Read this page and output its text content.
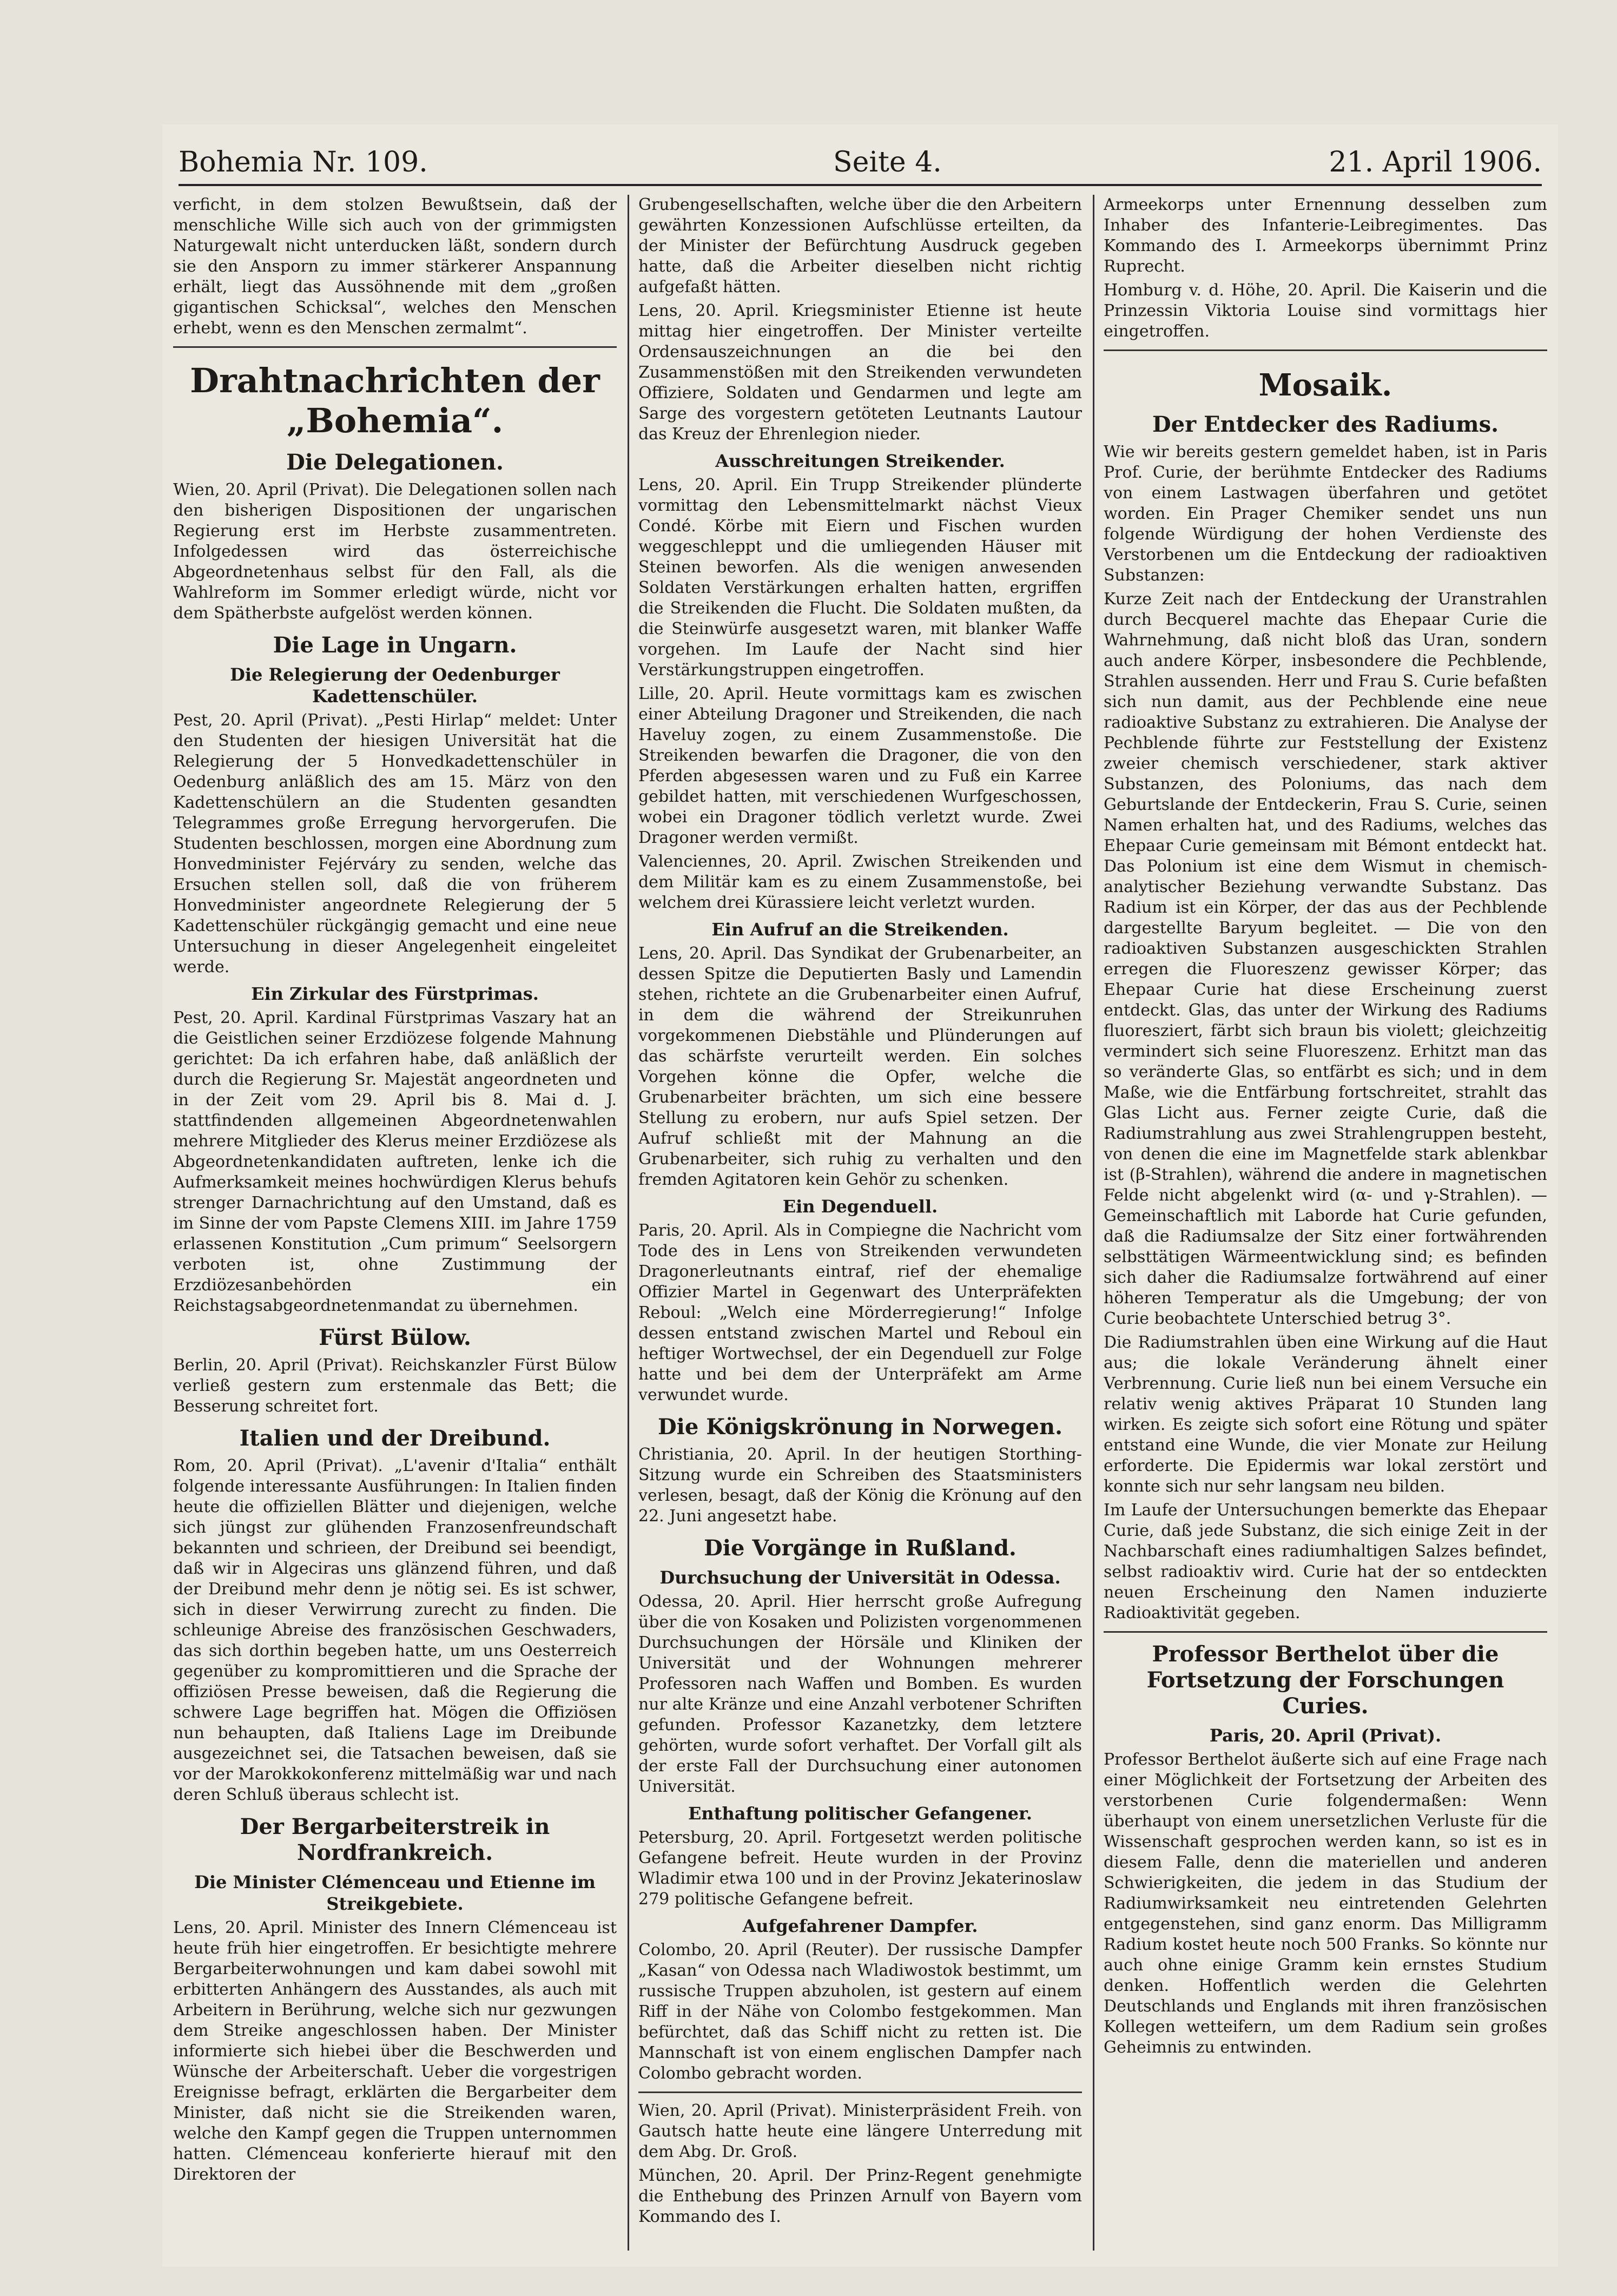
Bohemia Nr. 109.	Seite 4.	21. April 1906.

verficht, in dem stolzen Bewußtsein, daß der menschliche Wille sich auch von der grimmigsten Naturgewalt nicht unterducken läßt, sondern durch sie den Ansporn zu immer stärkerer Anspannung erhält, liegt das Aussöhnende mit dem „großen gigantischen Schicksal“, welches den Menschen erhebt, wenn es den Menschen zermalmt“.

Drahtnachrichten der „Bohemia“.
Die Delegationen.

Wien, 20. April (Privat). Die Delegationen sollen nach den bisherigen Dispositionen der ungarischen Regierung erst im Herbste zusammentreten. Infolgedessen wird das österreichische Abgeordnetenhaus selbst für den Fall, als die Wahlreform im Sommer erledigt würde, nicht vor dem Spätherbste aufgelöst werden können.

Die Lage in Ungarn.
Die Relegierung der Oedenburger Kadettenschüler.

Pest, 20. April (Privat). „Pesti Hirlap“ meldet: Unter den Studenten der hiesigen Universität hat die Relegierung der 5 Honvedkadettenschüler in Oedenburg anläßlich des am 15. März von den Kadettenschülern an die Studenten gesandten Telegrammes große Erregung hervorgerufen. Die Studenten beschlossen, morgen eine Abordnung zum Honvedminister Fejérváry zu senden, welche das Ersuchen stellen soll, daß die von früherem Honvedminister angeordnete Relegierung der 5 Kadettenschüler rückgängig gemacht und eine neue Untersuchung in dieser Angelegenheit eingeleitet werde.

Ein Zirkular des Fürstprimas.

Pest, 20. April. Kardinal Fürstprimas Vaszary hat an die Geistlichen seiner Erzdiözese folgende Mahnung gerichtet: Da ich erfahren habe, daß anläßlich der durch die Regierung Sr. Majestät angeordneten und in der Zeit vom 29. April bis 8. Mai d. J. stattfindenden allgemeinen Abgeordnetenwahlen mehrere Mitglieder des Klerus meiner Erzdiözese als Abgeordnetenkandidaten auftreten, lenke ich die Aufmerksamkeit meines hochwürdigen Klerus behufs strenger Darnachrichtung auf den Umstand, daß es im Sinne der vom Papste Clemens XIII. im Jahre 1759 erlassenen Konstitution „Cum primum“ Seelsorgern verboten ist, ohne Zustimmung der Erzdiözesanbehörden ein Reichstagsabgeordnetenmandat zu übernehmen.

Fürst Bülow.

Berlin, 20. April (Privat). Reichskanzler Fürst Bülow verließ gestern zum erstenmale das Bett; die Besserung schreitet fort.

Italien und der Dreibund.

Rom, 20. April (Privat). „L'avenir d'Italia“ enthält folgende interessante Ausführungen: In Italien finden heute die offiziellen Blätter und diejenigen, welche sich jüngst zur glühenden Franzosenfreundschaft bekannten und schrieen, der Dreibund sei beendigt, daß wir in Algeciras uns glänzend führen, und daß der Dreibund mehr denn je nötig sei. Es ist schwer, sich in dieser Verwirrung zurecht zu finden. Die schleunige Abreise des französischen Geschwaders, das sich dorthin begeben hatte, um uns Oesterreich gegenüber zu kompromittieren und die Sprache der offiziösen Presse beweisen, daß die Regierung die schwere Lage begriffen hat. Mögen die Offiziösen nun behaupten, daß Italiens Lage im Dreibunde ausgezeichnet sei, die Tatsachen beweisen, daß sie vor der Marokkokonferenz mittelmäßig war und nach deren Schluß überaus schlecht ist.

Der Bergarbeiterstreik in Nordfrankreich.
Die Minister Clémenceau und Etienne im Streikgebiete.

Lens, 20. April. Minister des Innern Clémenceau ist heute früh hier eingetroffen. Er besichtigte mehrere Bergarbeiterwohnungen und kam dabei sowohl mit erbitterten Anhängern des Ausstandes, als auch mit Arbeitern in Berührung, welche sich nur gezwungen dem Streike angeschlossen haben. Der Minister informierte sich hiebei über die Beschwerden und Wünsche der Arbeiterschaft. Ueber die vorgestrigen Ereignisse befragt, erklärten die Bergarbeiter dem Minister, daß nicht sie die Streikenden waren, welche den Kampf gegen die Truppen unternommen hatten. Clémenceau konferierte hierauf mit den Direktoren der

Grubengesellschaften, welche über die den Arbeitern gewährten Konzessionen Aufschlüsse erteilten, da der Minister der Befürchtung Ausdruck gegeben hatte, daß die Arbeiter dieselben nicht richtig aufgefaßt hätten.

Lens, 20. April. Kriegsminister Etienne ist heute mittag hier eingetroffen. Der Minister verteilte Ordensauszeichnungen an die bei den Zusammenstößen mit den Streikenden verwundeten Offiziere, Soldaten und Gendarmen und legte am Sarge des vorgestern getöteten Leutnants Lautour das Kreuz der Ehrenlegion nieder.

Ausschreitungen Streikender.

Lens, 20. April. Ein Trupp Streikender plünderte vormittag den Lebensmittelmarkt nächst Vieux Condé. Körbe mit Eiern und Fischen wurden weggeschleppt und die umliegenden Häuser mit Steinen beworfen. Als die wenigen anwesenden Soldaten Verstärkungen erhalten hatten, ergriffen die Streikenden die Flucht. Die Soldaten mußten, da die Steinwürfe ausgesetzt waren, mit blanker Waffe vorgehen. Im Laufe der Nacht sind hier Verstärkungstruppen eingetroffen.

Lille, 20. April. Heute vormittags kam es zwischen einer Abteilung Dragoner und Streikenden, die nach Haveluy zogen, zu einem Zusammenstoße. Die Streikenden bewarfen die Dragoner, die von den Pferden abgesessen waren und zu Fuß ein Karree gebildet hatten, mit verschiedenen Wurfgeschossen, wobei ein Dragoner tödlich verletzt wurde. Zwei Dragoner werden vermißt.

Valenciennes, 20. April. Zwischen Streikenden und dem Militär kam es zu einem Zusammenstoße, bei welchem drei Kürassiere leicht verletzt wurden.

Ein Aufruf an die Streikenden.

Lens, 20. April. Das Syndikat der Grubenarbeiter, an dessen Spitze die Deputierten Basly und Lamendin stehen, richtete an die Grubenarbeiter einen Aufruf, in dem die während der Streikunruhen vorgekommenen Diebstähle und Plünderungen auf das schärfste verurteilt werden. Ein solches Vorgehen könne die Opfer, welche die Grubenarbeiter brächten, um sich eine bessere Stellung zu erobern, nur aufs Spiel setzen. Der Aufruf schließt mit der Mahnung an die Grubenarbeiter, sich ruhig zu verhalten und den fremden Agitatoren kein Gehör zu schenken.

Ein Degenduell.

Paris, 20. April. Als in Compiegne die Nachricht vom Tode des in Lens von Streikenden verwundeten Dragonerleutnants eintraf, rief der ehemalige Offizier Martel in Gegenwart des Unterpräfekten Reboul: „Welch eine Mörderregierung!“ Infolge dessen entstand zwischen Martel und Reboul ein heftiger Wortwechsel, der ein Degenduell zur Folge hatte und bei dem der Unterpräfekt am Arme verwundet wurde.

Die Königskrönung in Norwegen.

Christiania, 20. April. In der heutigen Storthing-Sitzung wurde ein Schreiben des Staatsministers verlesen, besagt, daß der König die Krönung auf den 22. Juni angesetzt habe.

Die Vorgänge in Rußland.
Durchsuchung der Universität in Odessa.

Odessa, 20. April. Hier herrscht große Aufregung über die von Kosaken und Polizisten vorgenommenen Durchsuchungen der Hörsäle und Kliniken der Universität und der Wohnungen mehrerer Professoren nach Waffen und Bomben. Es wurden nur alte Kränze und eine Anzahl verbotener Schriften gefunden. Professor Kazanetzky, dem letztere gehörten, wurde sofort verhaftet. Der Vorfall gilt als der erste Fall der Durchsuchung einer autonomen Universität.

Enthaftung politischer Gefangener.

Petersburg, 20. April. Fortgesetzt werden politische Gefangene befreit. Heute wurden in der Provinz Wladimir etwa 100 und in der Provinz Jekaterinoslaw 279 politische Gefangene befreit.

Aufgefahrener Dampfer.

Colombo, 20. April (Reuter). Der russische Dampfer „Kasan“ von Odessa nach Wladiwostok bestimmt, um russische Truppen abzuholen, ist gestern auf einem Riff in der Nähe von Colombo festgekommen. Man befürchtet, daß das Schiff nicht zu retten ist. Die Mannschaft ist von einem englischen Dampfer nach Colombo gebracht worden.

Wien, 20. April (Privat). Ministerpräsident Freih. von Gautsch hatte heute eine längere Unterredung mit dem Abg. Dr. Groß.

München, 20. April. Der Prinz-Regent genehmigte die Enthebung des Prinzen Arnulf von Bayern vom Kommando des I.

Armeekorps unter Ernennung desselben zum Inhaber des Infanterie-Leibregimentes. Das Kommando des I. Armeekorps übernimmt Prinz Ruprecht.

Homburg v. d. Höhe, 20. April. Die Kaiserin und die Prinzessin Viktoria Louise sind vormittags hier eingetroffen.

Mosaik.
Der Entdecker des Radiums.

Wie wir bereits gestern gemeldet haben, ist in Paris Prof. Curie, der berühmte Entdecker des Radiums von einem Lastwagen überfahren und getötet worden. Ein Prager Chemiker sendet uns nun folgende Würdigung der hohen Verdienste des Verstorbenen um die Entdeckung der radioaktiven Substanzen:

Kurze Zeit nach der Entdeckung der Uranstrahlen durch Becquerel machte das Ehepaar Curie die Wahrnehmung, daß nicht bloß das Uran, sondern auch andere Körper, insbesondere die Pechblende, Strahlen aussenden. Herr und Frau S. Curie befaßten sich nun damit, aus der Pechblende eine neue radioaktive Substanz zu extrahieren. Die Analyse der Pechblende führte zur Feststellung der Existenz zweier chemisch verschiedener, stark aktiver Substanzen, des Poloniums, das nach dem Geburtslande der Entdeckerin, Frau S. Curie, seinen Namen erhalten hat, und des Radiums, welches das Ehepaar Curie gemeinsam mit Bémont entdeckt hat. Das Polonium ist eine dem Wismut in chemisch-analytischer Beziehung verwandte Substanz. Das Radium ist ein Körper, der das aus der Pechblende dargestellte Baryum begleitet. — Die von den radioaktiven Substanzen ausgeschickten Strahlen erregen die Fluoreszenz gewisser Körper; das Ehepaar Curie hat diese Erscheinung zuerst entdeckt. Glas, das unter der Wirkung des Radiums fluoresziert, färbt sich braun bis violett; gleichzeitig vermindert sich seine Fluoreszenz. Erhitzt man das so veränderte Glas, so entfärbt es sich; und in dem Maße, wie die Entfärbung fortschreitet, strahlt das Glas Licht aus. Ferner zeigte Curie, daß die Radiumstrahlung aus zwei Strahlengruppen besteht, von denen die eine im Magnetfelde stark ablenkbar ist (β-Strahlen), während die andere in magnetischen Felde nicht abgelenkt wird (α- und γ-Strahlen). — Gemeinschaftlich mit Laborde hat Curie gefunden, daß die Radiumsalze der Sitz einer fortwährenden selbsttätigen Wärmeentwicklung sind; es befinden sich daher die Radiumsalze fortwährend auf einer höheren Temperatur als die Umgebung; der von Curie beobachtete Unterschied betrug 3°.

Die Radiumstrahlen üben eine Wirkung auf die Haut aus; die lokale Veränderung ähnelt einer Verbrennung. Curie ließ nun bei einem Versuche ein relativ wenig aktives Präparat 10 Stunden lang wirken. Es zeigte sich sofort eine Rötung und später entstand eine Wunde, die vier Monate zur Heilung erforderte. Die Epidermis war lokal zerstört und konnte sich nur sehr langsam neu bilden.

Im Laufe der Untersuchungen bemerkte das Ehepaar Curie, daß jede Substanz, die sich einige Zeit in der Nachbarschaft eines radiumhaltigen Salzes befindet, selbst radioaktiv wird. Curie hat der so entdeckten neuen Erscheinung den Namen induzierte Radioaktivität gegeben.

Professor Berthelot über die Fortsetzung der Forschungen Curies.
Paris, 20. April (Privat).

Professor Berthelot äußerte sich auf eine Frage nach einer Möglichkeit der Fortsetzung der Arbeiten des verstorbenen Curie folgendermaßen: Wenn überhaupt von einem unersetzlichen Verluste für die Wissenschaft gesprochen werden kann, so ist es in diesem Falle, denn die materiellen und anderen Schwierigkeiten, die jedem in das Studium der Radiumwirksamkeit neu eintretenden Gelehrten entgegenstehen, sind ganz enorm. Das Milligramm Radium kostet heute noch 500 Franks. So könnte nur auch ohne einige Gramm kein ernstes Studium denken. Hoffentlich werden die Gelehrten Deutschlands und Englands mit ihren französischen Kollegen wetteifern, um dem Radium sein großes Geheimnis zu entwinden.
